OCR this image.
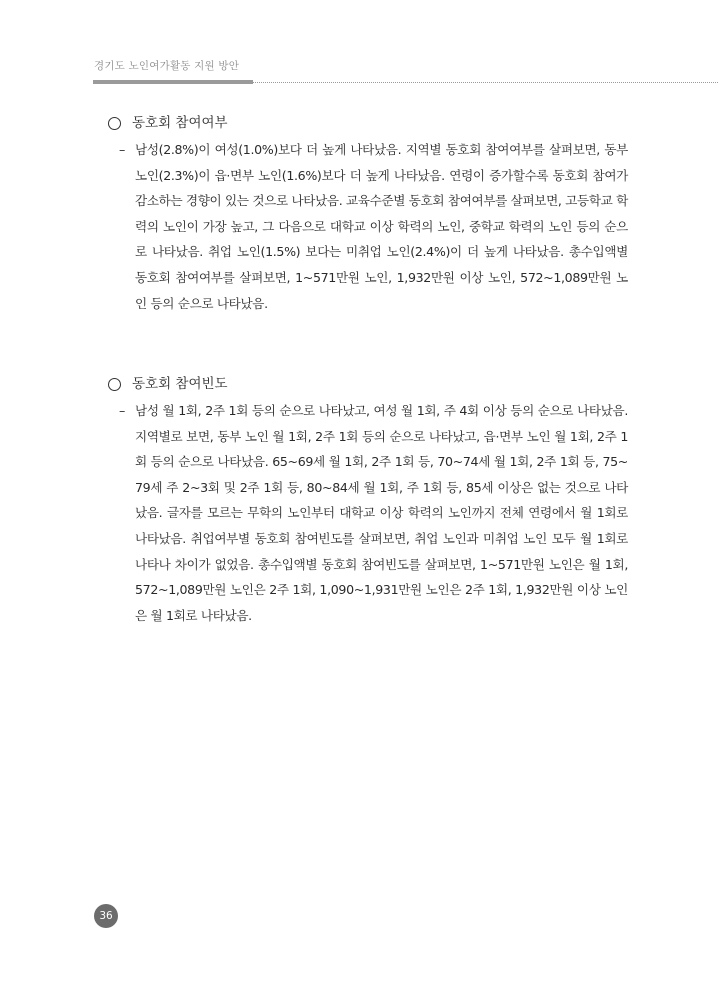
경기도 노인여가활동 지원 방안
동호회 참여여부
– 남성(2.8%)이 여성(1.0%)보다 더 높게 나타났음. 지역별 동호회 참여여부를 살펴보면, 동부 노인(2.3%)이 읍·면부 노인(1.6%)보다 더 높게 나타났음. 연령이 증가할수록 동호회 참여가 감소하는 경향이 있는 것으로 나타났음. 교육수준별 동호회 참여여부를 살펴보면, 고등학교 학력의 노인이 가장 높고, 그 다음으로 대학교 이상 학력의 노인, 중학교 학력의 노인 등의 순으로 나타났음. 취업 노인(1.5%) 보다는 미취업 노인(2.4%)이 더 높게 나타났음. 총수입액별 동호회 참여여부를 살펴보면, 1~571만원 노인, 1,932만원 이상 노인, 572~1,089만원 노인 등의 순으로 나타났음.
동호회 참여빈도
– 남성 월 1회, 2주 1회 등의 순으로 나타났고, 여성 월 1회, 주 4회 이상 등의 순으로 나타났음. 지역별로 보면, 동부 노인 월 1회, 2주 1회 등의 순으로 나타났고, 읍·면부 노인 월 1회, 2주 1회 등의 순으로 나타났음. 65~69세 월 1회, 2주 1회 등, 70~74세 월 1회, 2주 1회 등, 75~79세 주 2~3회 및 2주 1회 등, 80~84세 월 1회, 주 1회 등, 85세 이상은 없는 것으로 나타났음. 글자를 모르는 무학의 노인부터 대학교 이상 학력의 노인까지 전체 연령에서 월 1회로 나타났음. 취업여부별 동호회 참여빈도를 살펴보면, 취업 노인과 미취업 노인 모두 월 1회로 나타나 차이가 없었음. 총수입액별 동호회 참여빈도를 살펴보면, 1~571만원 노인은 월 1회, 572~1,089만원 노인은 2주 1회, 1,090~1,931만원 노인은 2주 1회, 1,932만원 이상 노인은 월 1회로 나타났음.
36
